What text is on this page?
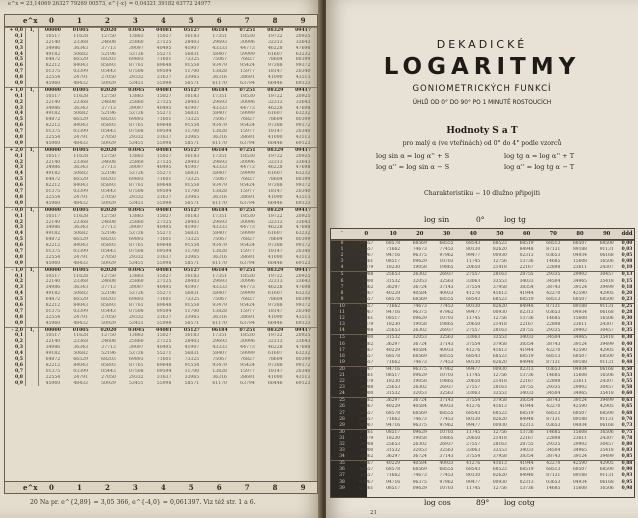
e^x = 23,14069 26327 79269 00573, e^{-x} = 0,04321 39182 63772 24977
e^x	0	1	2	3	4	5	6	7	8	9
+ 0,0	1,	00000	01005	02020	03045	04081	05127	06184	07251	08329	09417
0,1	10517	11628	12750	13883	15027	16183	17351	18530	19722	20925
0,2	22140	23368	24608	25860	27125	28403	29693	30996	32313	33643
0,3	34986	36343	37713	39097	40495	41907	43333	44773	46228	47698
0,4	49182	50682	52196	53726	55271	56831	58407	59999	61607	63232
0,5	64872	66529	68203	69893	71601	73325	75067	76827	78604	80399
0,6	82212	84043	85893	87761	89648	91554	93479	95424	97388	99372
0,7	01375	03399	05443	07508	09594	11700	13828	15977	18147	20340
0,8	22554	24791	27050	29332	31637	33965	36316	38691	41090	43513
0,9	45960	48432	50929	53451	55998	58571	61170	63794	66446	69123
+ 1,0	1,	00000	01005	02020	03045	04081	05127	06184	07251	08329	09417
0,1	10517	11628	12750	13883	15027	16183	17351	18530	19722	20925
0,2	22140	23368	24608	25860	27125	28403	29693	30996	32313	33643
0,3	34986	36343	37713	39097	40495	41907	43333	44773	46228	47698
0,4	49182	50682	52196	53726	55271	56831	58407	59999	61607	63232
0,5	64872	66529	68203	69893	71601	73325	75067	76827	78604	80399
0,6	82212	84043	85893	87761	89648	91554	93479	95424	97388	99372
0,7	01375	03399	05443	07508	09594	11700	13828	15977	18147	20340
0,8	22554	24791	27050	29332	31637	33965	36316	38691	41090	43513
0,9	45960	48432	50929	53451	55998	58571	61170	63794	66446	69123
+ 2,0	1,	00000	01005	02020	03045	04081	05127	06184	07251	08329	09417
0,1	10517	11628	12750	13883	15027	16183	17351	18530	19722	20925
0,2	22140	23368	24608	25860	27125	28403	29693	30996	32313	33643
0,3	34986	36343	37713	39097	40495	41907	43333	44773	46228	47698
0,4	49182	50682	52196	53726	55271	56831	58407	59999	61607	63232
0,5	64872	66529	68203	69893	71601	73325	75067	76827	78604	80399
0,6	82212	84043	85893	87761	89648	91554	93479	95424	97388	99372
0,7	01375	03399	05443	07508	09594	11700	13828	15977	18147	20340
0,8	22554	24791	27050	29332	31637	33965	36316	38691	41090	43513
0,9	45960	48432	50929	53451	55998	58571	61170	63794	66446	69123
- 0,0	1,	00000	01005	02020	03045	04081	05127	06184	07251	08329	09417
0,1	10517	11628	12750	13883	15027	16183	17351	18530	19722	20925
0,2	22140	23368	24608	25860	27125	28403	29693	30996	32313	33643
0,3	34986	36343	37713	39097	40495	41907	43333	44773	46228	47698
0,4	49182	50682	52196	53726	55271	56831	58407	59999	61607	63232
0,5	64872	66529	68203	69893	71601	73325	75067	76827	78604	80399
0,6	82212	84043	85893	87761	89648	91554	93479	95424	97388	99372
0,7	01375	03399	05443	07508	09594	11700	13828	15977	18147	20340
0,8	22554	24791	27050	29332	31637	33965	36316	38691	41090	43513
0,9	45960	48432	50929	53451	55998	58571	61170	63794	66446	69123
- 1,0	1,	00000	01005	02020	03045	04081	05127	06184	07251	08329	09417
0,1	10517	11628	12750	13883	15027	16183	17351	18530	19722	20925
0,2	22140	23368	24608	25860	27125	28403	29693	30996	32313	33643
0,3	34986	36343	37713	39097	40495	41907	43333	44773	46228	47698
0,4	49182	50682	52196	53726	55271	56831	58407	59999	61607	63232
0,5	64872	66529	68203	69893	71601	73325	75067	76827	78604	80399
0,6	82212	84043	85893	87761	89648	91554	93479	95424	97388	99372
0,7	01375	03399	05443	07508	09594	11700	13828	15977	18147	20340
0,8	22554	24791	27050	29332	31637	33965	36316	38691	41090	43513
0,9	45960	48432	50929	53451	55998	58571	61170	63794	66446	69123
- 2,0	1,	00000	01005	02020	03045	04081	05127	06184	07251	08329	09417
0,1	10517	11628	12750	13883	15027	16183	17351	18530	19722	20925
0,2	22140	23368	24608	25860	27125	28403	29693	30996	32313	33643
0,3	34986	36343	37713	39097	40495	41907	43333	44773	46228	47698
0,4	49182	50682	52196	53726	55271	56831	58407	59999	61607	63232
0,5	64872	66529	68203	69893	71601	73325	75067	76827	78604	80399
0,6	82212	84043	85893	87761	89648	91554	93479	95424	97388	99372
0,7	01375	03399	05443	07508	09594	11700	13828	15977	18147	20340
0,8	22554	24791	27050	29332	31637	33965	36316	38691	41090	43513
0,9	45960	48432	50929	53451	55998	58571	61170	63794	66446	69123
e^x	0	1	2	3	4	5	6	7	8	9
20 Na pr. e^{2,89} = 3,05 366, e^{-4,0} = 0,061397. Viz též str. 1 a 6.
DEKADICKÉ
LOGARITMY
GONIOMETRICKÝCH FUNKCÍ
ÚHLŮ OD 0° DO 90° PO 1 MINUTĚ ROSTOUCÍCH
Hodnoty S a T
pro malý α (ve vteřinách) od 0° do 4° podle vzorců
log sin α = log α'' + S	log tg α = log α'' + T
log α'' = log sin α − S	log α'' = log tg α − T
Charakteristiku − 10 dlužno připojiti
log sin	0°	log tg
′	0	10	20	30	40	50	60	70	80	90	ddd
0	68557	68578	68569	68555	68543	68523	68519	68513	68507	68500	0,00
1	68557	71662	74673	77453	80130	82620	84948	87131	89188	91131	0,03
2	92967	94716	96375	97962	99477	00930	02313	03653	04934	06168	0,05
3	07361	08517	09629	10703	11745	12756	13736	14685	15608	16506	0,08
4	17379	18230	19058	19865	20650	21418	22167	22898	23611	24307	0,10
5	24988	25653	26302	26937	27557	28163	28755	29335	29902	30457	0,13
6	31000	31532	32053	32563	33063	33553	34033	34504	34965	35418	0,15
7	35862	36297	36724	37143	37554	37958	38354	38743	39124	39499	0,18
8	39867	40229	40584	40933	41276	41613	41944	42270	42590	42905	0,20
9	68557	68578	68569	68555	68543	68523	68519	68513	68507	68500	0,23
10	68557	71662	74673	77453	80130	82620	84948	87131	89188	91131	0,25
11	92967	94716	96375	97962	99477	00930	02313	03653	04934	06168	0,28
12	07361	08517	09629	10703	11745	12756	13736	14685	15608	16506	0,30
13	17379	18230	19058	19865	20650	21418	22167	22898	23611	24307	0,33
14	24988	25653	26302	26937	27557	28163	28755	29335	29902	30457	0,35
15	31000	31532	32053	32563	33063	33553	34033	34504	34965	35418	0,38
16	35862	36297	36724	37143	37554	37958	38354	38743	39124	39499	0,40
17	39867	40229	40584	40933	41276	41613	41944	42270	42590	42905	0,43
18	68557	68578	68569	68555	68543	68523	68519	68513	68507	68500	0,45
19	68557	71662	74673	77453	80130	82620	84948	87131	89188	91131	0,48
20	92967	94716	96375	97962	99477	00930	02313	03653	04934	06168	0,50
21	07361	08517	09629	10703	11745	12756	13736	14685	15608	16506	0,53
22	17379	18230	19058	19865	20650	21418	22167	22898	23611	24307	0,55
23	24988	25653	26302	26937	27557	28163	28755	29335	29902	30457	0,58
24	31000	31532	32053	32563	33063	33553	34033	34504	34965	35418	0,60
25	35862	36297	36724	37143	37554	37958	38354	38743	39124	39499	0,63
26	39867	40229	40584	40933	41276	41613	41944	42270	42590	42905	0,65
27	68557	68578	68569	68555	68543	68523	68519	68513	68507	68500	0,68
28	68557	71662	74673	77453	80130	82620	84948	87131	89188	91131	0,70
29	92967	94716	96375	97962	99477	00930	02313	03653	04934	06168	0,73
30	07361	08517	09629	10703	11745	12756	13736	14685	15608	16506	0,75
31	17379	18230	19058	19865	20650	21418	22167	22898	23611	24307	0,78
32	24988	25653	26302	26937	27557	28163	28755	29335	29902	30457	0,80
33	31000	31532	32053	32563	33063	33553	34033	34504	34965	35418	0,83
34	35862	36297	36724	37143	37554	37958	38354	38743	39124	39499	0,85
35	39867	40229	40584	40933	41276	41613	41944	42270	42590	42905	0,88
36	68557	68578	68569	68555	68543	68523	68519	68513	68507	68500	0,90
37	68557	71662	74673	77453	80130	82620	84948	87131	89188	91131	0,93
38	92967	94716	96375	97962	99477	00930	02313	03653	04934	06168	0,95
39	07361	08517	09629	10703	11745	12756	13736	14685	15608	16506	0,98
log cos	89° log cotg
21
